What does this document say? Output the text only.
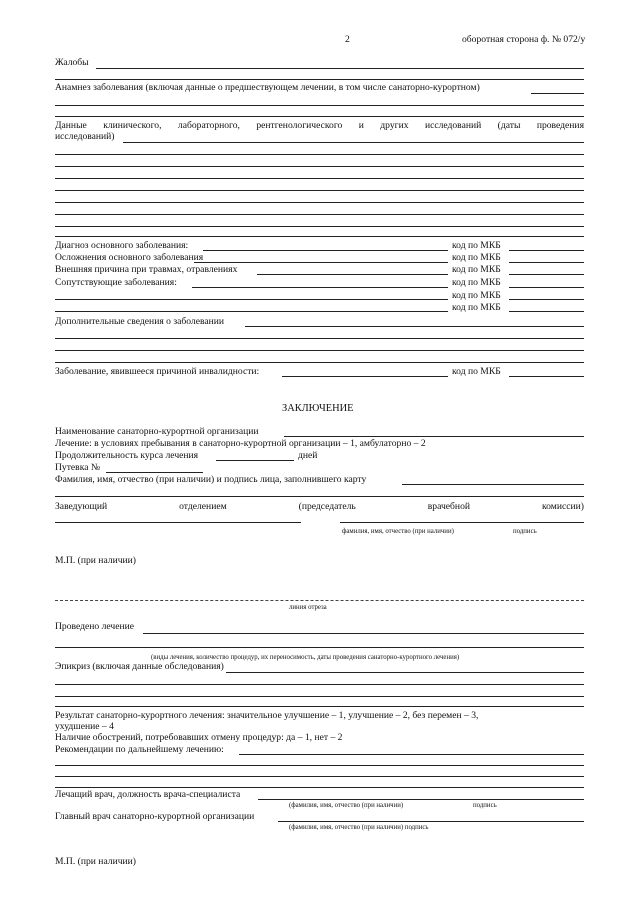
2	оборотная сторона ф. № 072/у
Жалобы
Анамнез заболевания (включая данные о предшествующем лечении, в том числе санаторно-курортном)
Данные клинического, лабораторного, рентгенологического и других исследований (даты проведения
исследований)
Диагноз основного заболевания:	код по МКБ
Осложнения основного заболевания	код по МКБ
Внешняя причина при травмах, отравлениях	код по МКБ
Сопутствующие заболевания:	код по МКБ
код по МКБ
код по МКБ
Дополнительные сведения о заболевании
Заболевание, явившееся причиной инвалидности:	код по МКБ
ЗАКЛЮЧЕНИЕ
Наименование санаторно-курортной организации
Лечение: в условиях пребывания в санаторно-курортной организации – 1, амбулаторно – 2
Продолжительность курса лечения	дней
Путевка №
Фамилия, имя, отчество (при наличии) и подпись лица, заполнившего карту
Заведующий	отделением	(председатель	врачебной	комиссии)
фамилия, имя, отчество (при наличии)	подпись
М.П. (при наличии)
линия отреза
Проведено лечение
(виды лечения, количество процедур, их переносимость, даты проведения санаторно-курортного лечения)
Эпикриз (включая данные обследования)
Результат санаторно-курортного лечения: значительное улучшение – 1, улучшение – 2, без перемен – 3,
ухудшение – 4
Наличие обострений, потребовавших отмену процедур: да – 1, нет – 2
Рекомендации по дальнейшему лечению:
Лечащий врач, должность врача-специалиста
(фамилия, имя, отчество (при наличии)	подпись
Главный врач санаторно-курортной организации
(фамилия, имя, отчество (при наличии) подпись
М.П. (при наличии)
